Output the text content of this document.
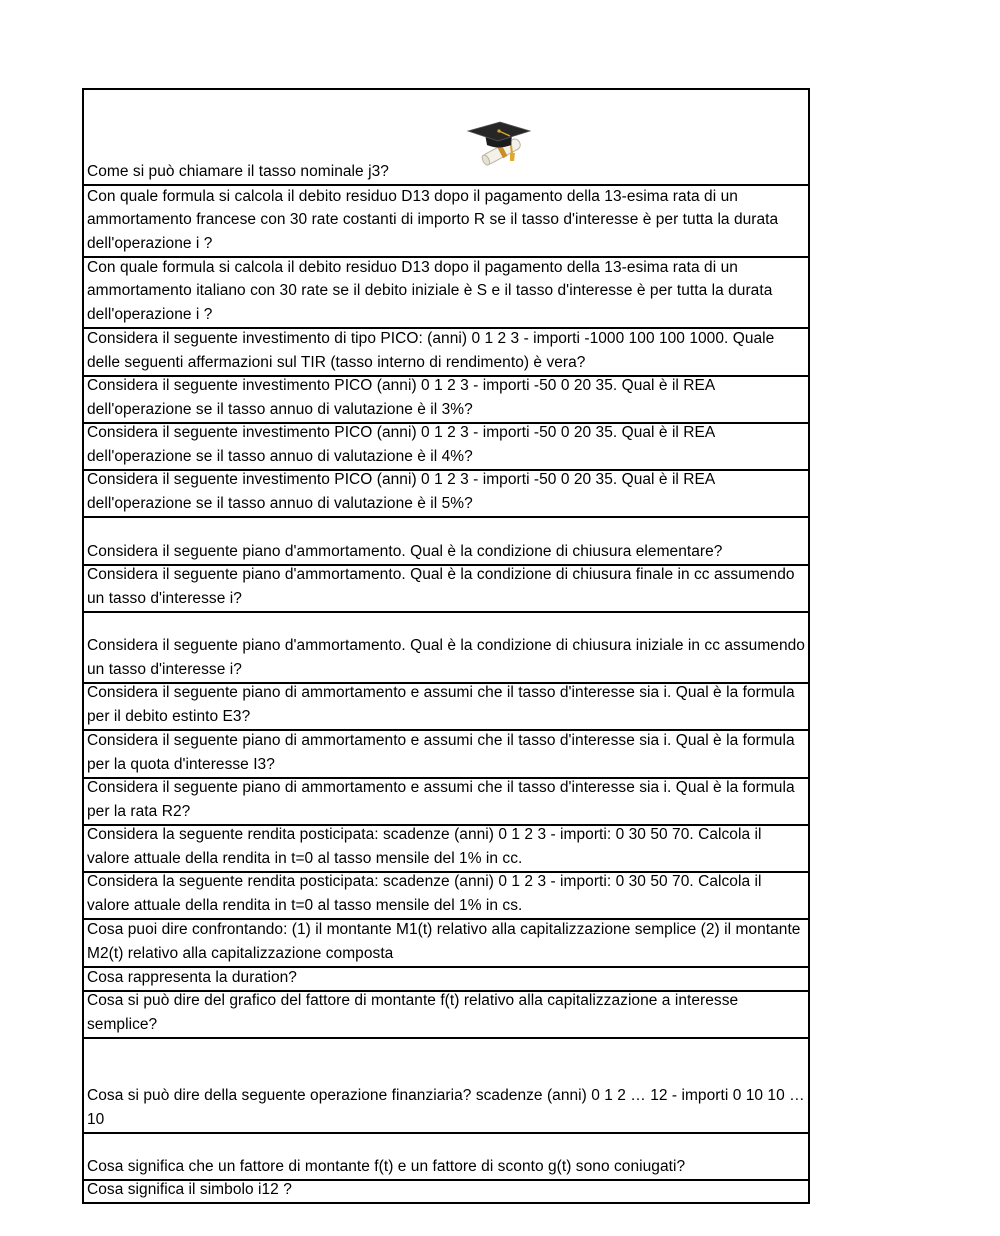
Come si può chiamare il tasso nominale j3?
Con quale formula si calcola il debito residuo D13 dopo il pagamento della 13-esima rata di un ammortamento francese con 30 rate costanti di importo R se il tasso d'interesse è per tutta la durata dell'operazione i ?
Con quale formula si calcola il debito residuo D13 dopo il pagamento della 13-esima rata di un ammortamento italiano con 30 rate se il debito iniziale è S e il tasso d'interesse è per tutta la durata dell'operazione i ?
Considera il seguente investimento di tipo PICO: (anni) 0 1 2 3 - importi -1000 100 100 1000. Quale delle seguenti affermazioni sul TIR (tasso interno di rendimento) è vera?
Considera il seguente investimento PICO (anni) 0 1 2 3 - importi -50 0 20 35. Qual è il REA dell'operazione se il tasso annuo di valutazione è il 3%?
Considera il seguente investimento PICO (anni) 0 1 2 3 - importi -50 0 20 35. Qual è il REA dell'operazione se il tasso annuo di valutazione è il 4%?
Considera il seguente investimento PICO (anni) 0 1 2 3 - importi -50 0 20 35. Qual è il REA dell'operazione se il tasso annuo di valutazione è il 5%?
Considera il seguente piano d'ammortamento. Qual è la condizione di chiusura elementare?
Considera il seguente piano d'ammortamento. Qual è la condizione di chiusura finale in cc assumendo un tasso d'interesse i?
Considera il seguente piano d'ammortamento. Qual è la condizione di chiusura iniziale in cc assumendo un tasso d'interesse i?
Considera il seguente piano di ammortamento e assumi che il tasso d'interesse sia i. Qual è la formula per il debito estinto E3?
Considera il seguente piano di ammortamento e assumi che il tasso d'interesse sia i. Qual è la formula per la quota d'interesse I3?
Considera il seguente piano di ammortamento e assumi che il tasso d'interesse sia i. Qual è la formula per la rata R2?
Considera la seguente rendita posticipata: scadenze (anni) 0 1 2 3 - importi: 0 30 50 70. Calcola il valore attuale della rendita in t=0 al tasso mensile del 1% in cc.
Considera la seguente rendita posticipata: scadenze (anni) 0 1 2 3 - importi: 0 30 50 70. Calcola il valore attuale della rendita in t=0 al tasso mensile del 1% in cs.
Cosa puoi dire confrontando: (1) il montante M1(t) relativo alla capitalizzazione semplice (2) il montante M2(t) relativo alla capitalizzazione composta
Cosa rappresenta la duration?
Cosa si può dire del grafico del fattore di montante f(t) relativo alla capitalizzazione a interesse semplice?
Cosa si può dire della seguente operazione finanziaria? scadenze (anni) 0 1 2 … 12 - importi 0 10 10 … 10
Cosa significa che un fattore di montante f(t) e un fattore di sconto g(t) sono coniugati?
Cosa significa il simbolo i12 ?
